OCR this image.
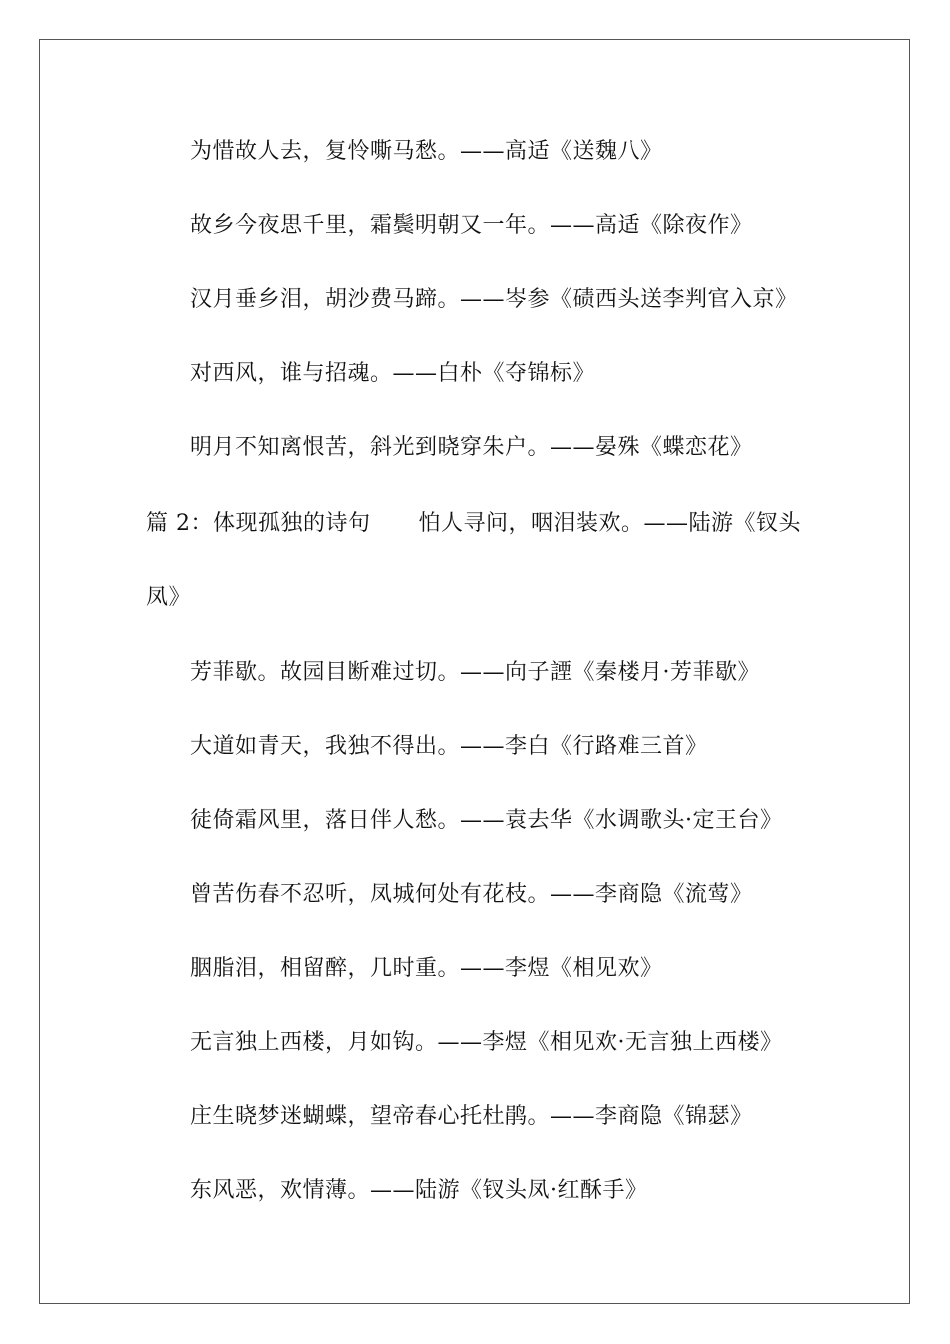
为惜故人去，复怜嘶马愁。——高适《送魏八》
故乡今夜思千里，霜鬓明朝又一年。——高适《除夜作》
汉月垂乡泪，胡沙费马蹄。——岑参《碛西头送李判官入京》
对西风，谁与招魂。——白朴《夺锦标》
明月不知离恨苦，斜光到晓穿朱户。——晏殊《蝶恋花》
篇 2：体现孤独的诗句 怕人寻问，咽泪装欢。——陆游《钗头
凤》
芳菲歇。故园目断难过切。——向子諲《秦楼月·芳菲歇》
大道如青天，我独不得出。——李白《行路难三首》
徒倚霜风里，落日伴人愁。——袁去华《水调歌头·定王台》
曾苦伤春不忍听，凤城何处有花枝。——李商隐《流莺》
胭脂泪，相留醉，几时重。——李煜《相见欢》
无言独上西楼，月如钩。——李煜《相见欢·无言独上西楼》
庄生晓梦迷蝴蝶，望帝春心托杜鹃。——李商隐《锦瑟》
东风恶，欢情薄。——陆游《钗头凤·红酥手》
